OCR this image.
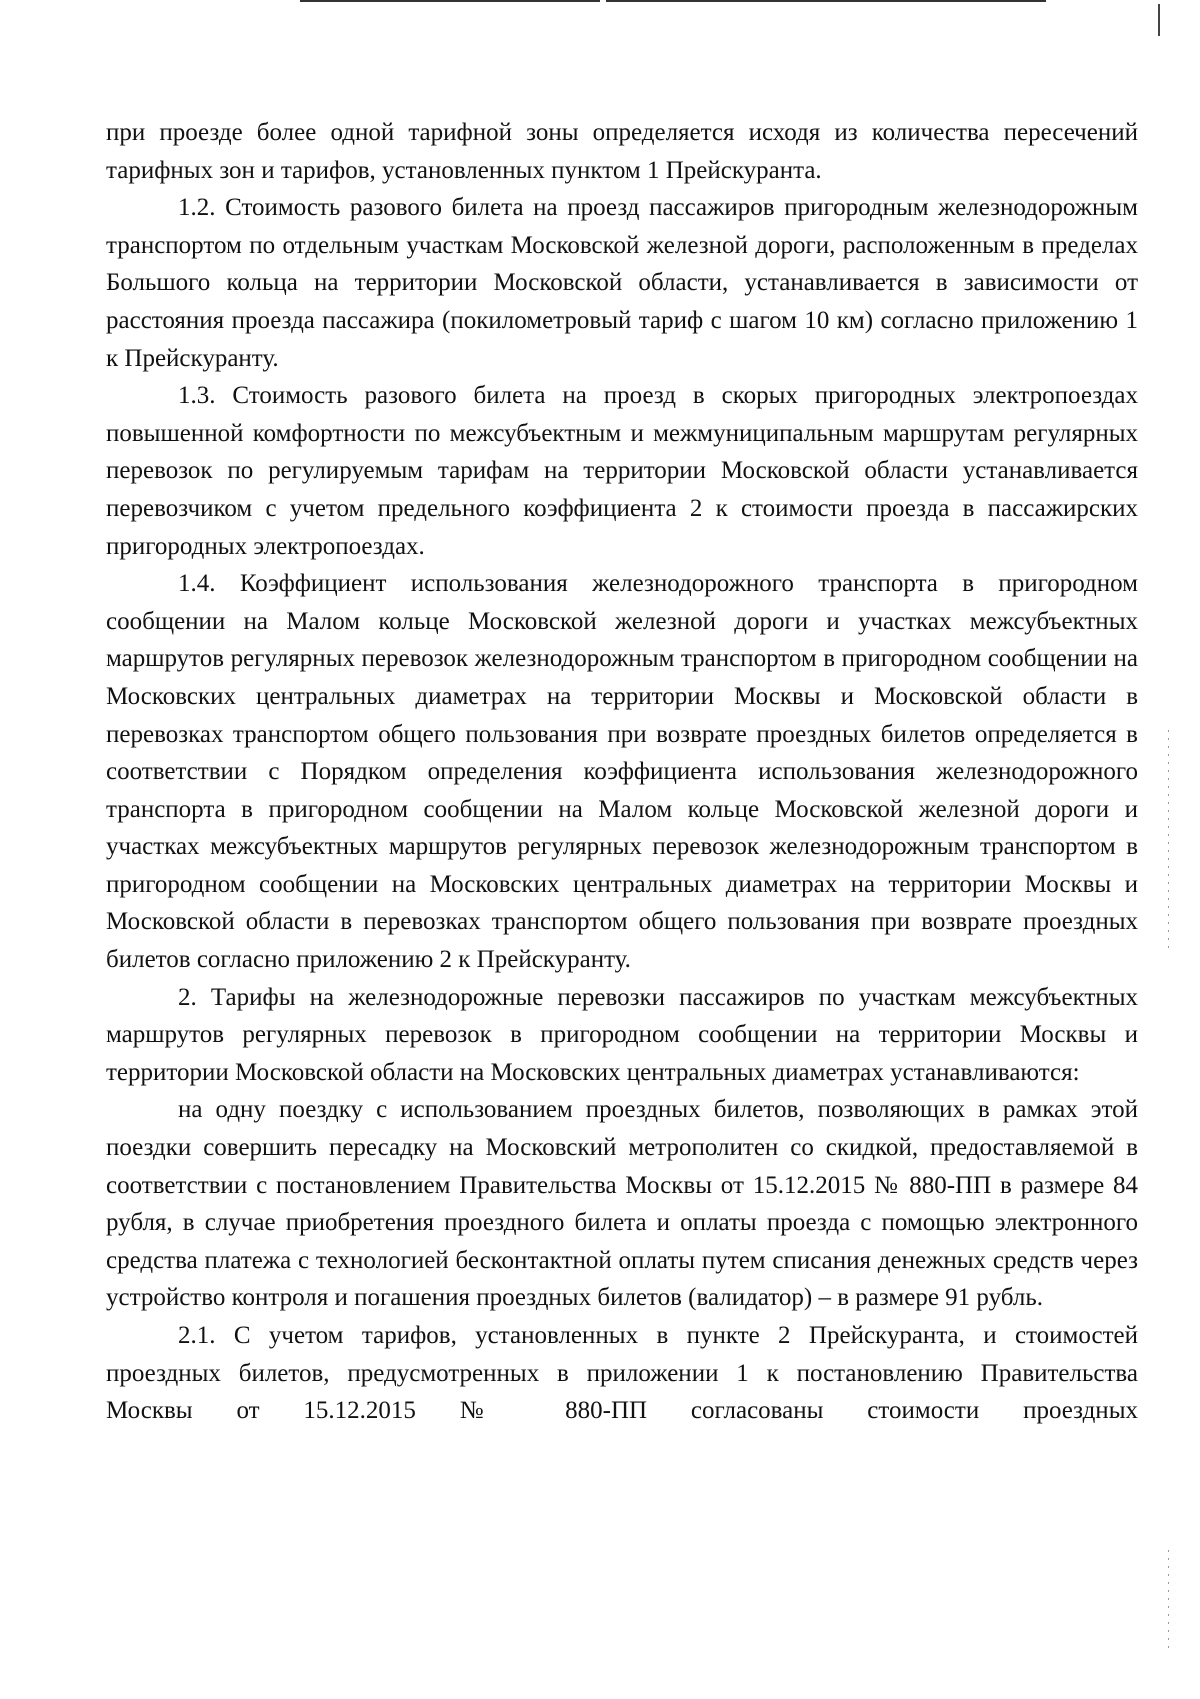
при проезде более одной тарифной зоны определяется исходя из количества пересечений тарифных зон и тарифов, установленных пунктом 1 Прейскуранта.

1.2. Стоимость разового билета на проезд пассажиров пригородным железнодорожным транспортом по отдельным участкам Московской железной дороги, расположенным в пределах Большого кольца на территории Московской области, устанавливается в зависимости от расстояния проезда пассажира (покилометровый тариф с шагом 10 км) согласно приложению 1 к Прейскуранту.

1.3. Стоимость разового билета на проезд в скорых пригородных электропоездах повышенной комфортности по межсубъектным и межмуниципальным маршрутам регулярных перевозок по регулируемым тарифам на территории Московской области устанавливается перевозчиком с учетом предельного коэффициента 2 к стоимости проезда в пассажирских пригородных электропоездах.

1.4. Коэффициент использования железнодорожного транспорта в пригородном сообщении на Малом кольце Московской железной дороги и участках межсубъектных маршрутов регулярных перевозок железнодорожным транспортом в пригородном сообщении на Московских центральных диаметрах на территории Москвы и Московской области в перевозках транспортом общего пользования при возврате проездных билетов определяется в соответствии с Порядком определения коэффициента использования железнодорожного транспорта в пригородном сообщении на Малом кольце Московской железной дороги и участках межсубъектных маршрутов регулярных перевозок железнодорожным транспортом в пригородном сообщении на Московских центральных диаметрах на территории Москвы и Московской области в перевозках транспортом общего пользования при возврате проездных билетов согласно приложению 2 к Прейскуранту.

2. Тарифы на железнодорожные перевозки пассажиров по участкам межсубъектных маршрутов регулярных перевозок в пригородном сообщении на территории Москвы и территории Московской области на Московских центральных диаметрах устанавливаются:

на одну поездку с использованием проездных билетов, позволяющих в рамках этой поездки совершить пересадку на Московский метрополитен со скидкой, предоставляемой в соответствии с постановлением Правительства Москвы от 15.12.2015 № 880-ПП в размере 84 рубля, в случае приобретения проездного билета и оплаты проезда с помощью электронного средства платежа с технологией бесконтактной оплаты путем списания денежных средств через устройство контроля и погашения проездных билетов (валидатор) – в размере 91 рубль.

2.1. С учетом тарифов, установленных в пункте 2 Прейскуранта, и стоимостей проездных билетов, предусмотренных в приложении 1 к постановлению Правительства Москвы от 15.12.2015 № 880-ПП согласованы стоимости проездных
